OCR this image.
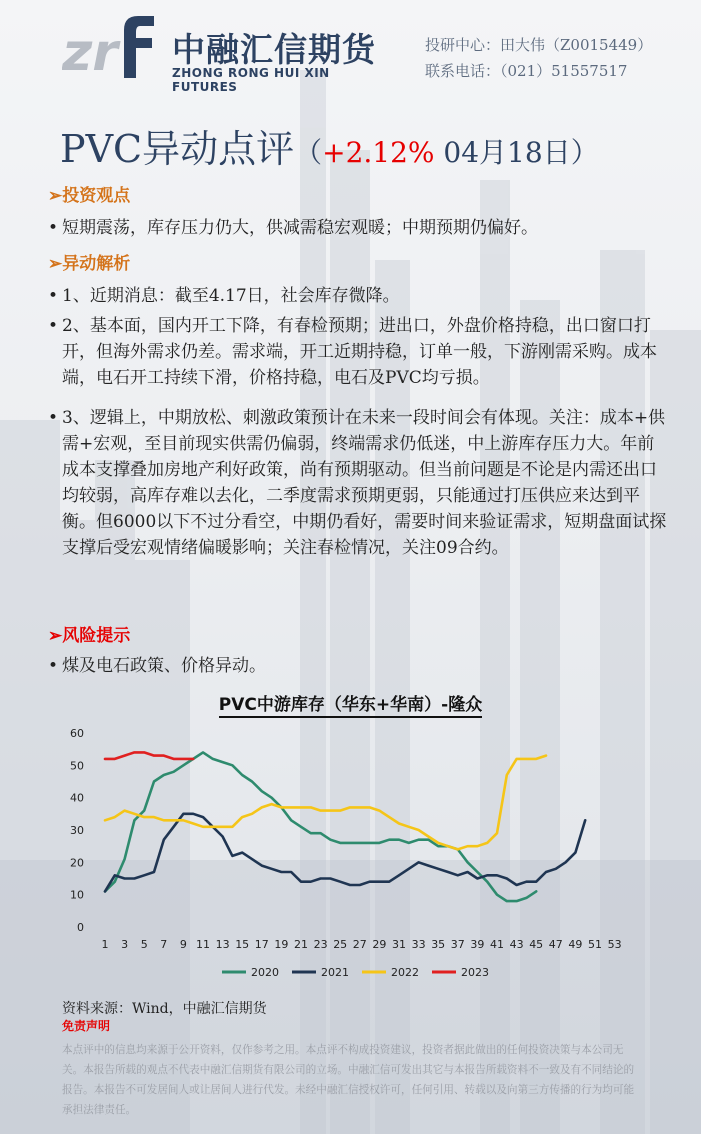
zr 中融汇信期货
ZHONG RONG HUI XIN FUTURES
投研中心：田大伟（Z0015449）
联系电话：（021）51557517
PVC异动点评（+2.12% 04月18日）
➢投资观点
• 短期震荡，库存压力仍大，供减需稳宏观暖；中期预期仍偏好。
➢异动解析
• 1、近期消息：截至4.17日，社会库存微降。
• 2、基本面，国内开工下降，有春检预期；进出口，外盘价格持稳，出口窗口打开，但海外需求仍差。需求端，开工近期持稳，订单一般，下游刚需采购。成本端，电石开工持续下滑，价格持稳，电石及PVC均亏损。
• 3、逻辑上，中期放松、刺激政策预计在未来一段时间会有体现。关注：成本+供需+宏观，至目前现实供需仍偏弱，终端需求仍低迷，中上游库存压力大。年前成本支撑叠加房地产利好政策，尚有预期驱动。但当前问题是不论是内需还出口均较弱，高库存难以去化，二季度需求预期更弱，只能通过打压供应来达到平衡。但6000以下不过分看空，中期仍看好，需要时间来验证需求，短期盘面试探支撑后受宏观情绪偏暖影响；关注春检情况，关注09合约。
➢风险提示
• 煤及电石政策、价格异动。
PVC中游库存（华东+华南）-隆众
0
10
20
30
40
50
60
1 3 5 7 9 11 13 15 17 19 21 23 25 27 29 31 33 35 37 39 41 43 45 47 49 51 53
2020	2021	2022	2023
资料来源：Wind，中融汇信期货
免责声明
本点评中的信息均来源于公开资料，仅作参考之用。本点评不构成投资建议，投资者据此做出的任何投资决策与本公司无关。本报告所载的观点不代表中融汇信期货有限公司的立场。中融汇信可发出其它与本报告所载资料不一致及有不同结论的报告。本报告不可发居间人或让居间人进行代发。未经中融汇信授权许可，任何引用、转载以及向第三方传播的行为均可能承担法律责任。
